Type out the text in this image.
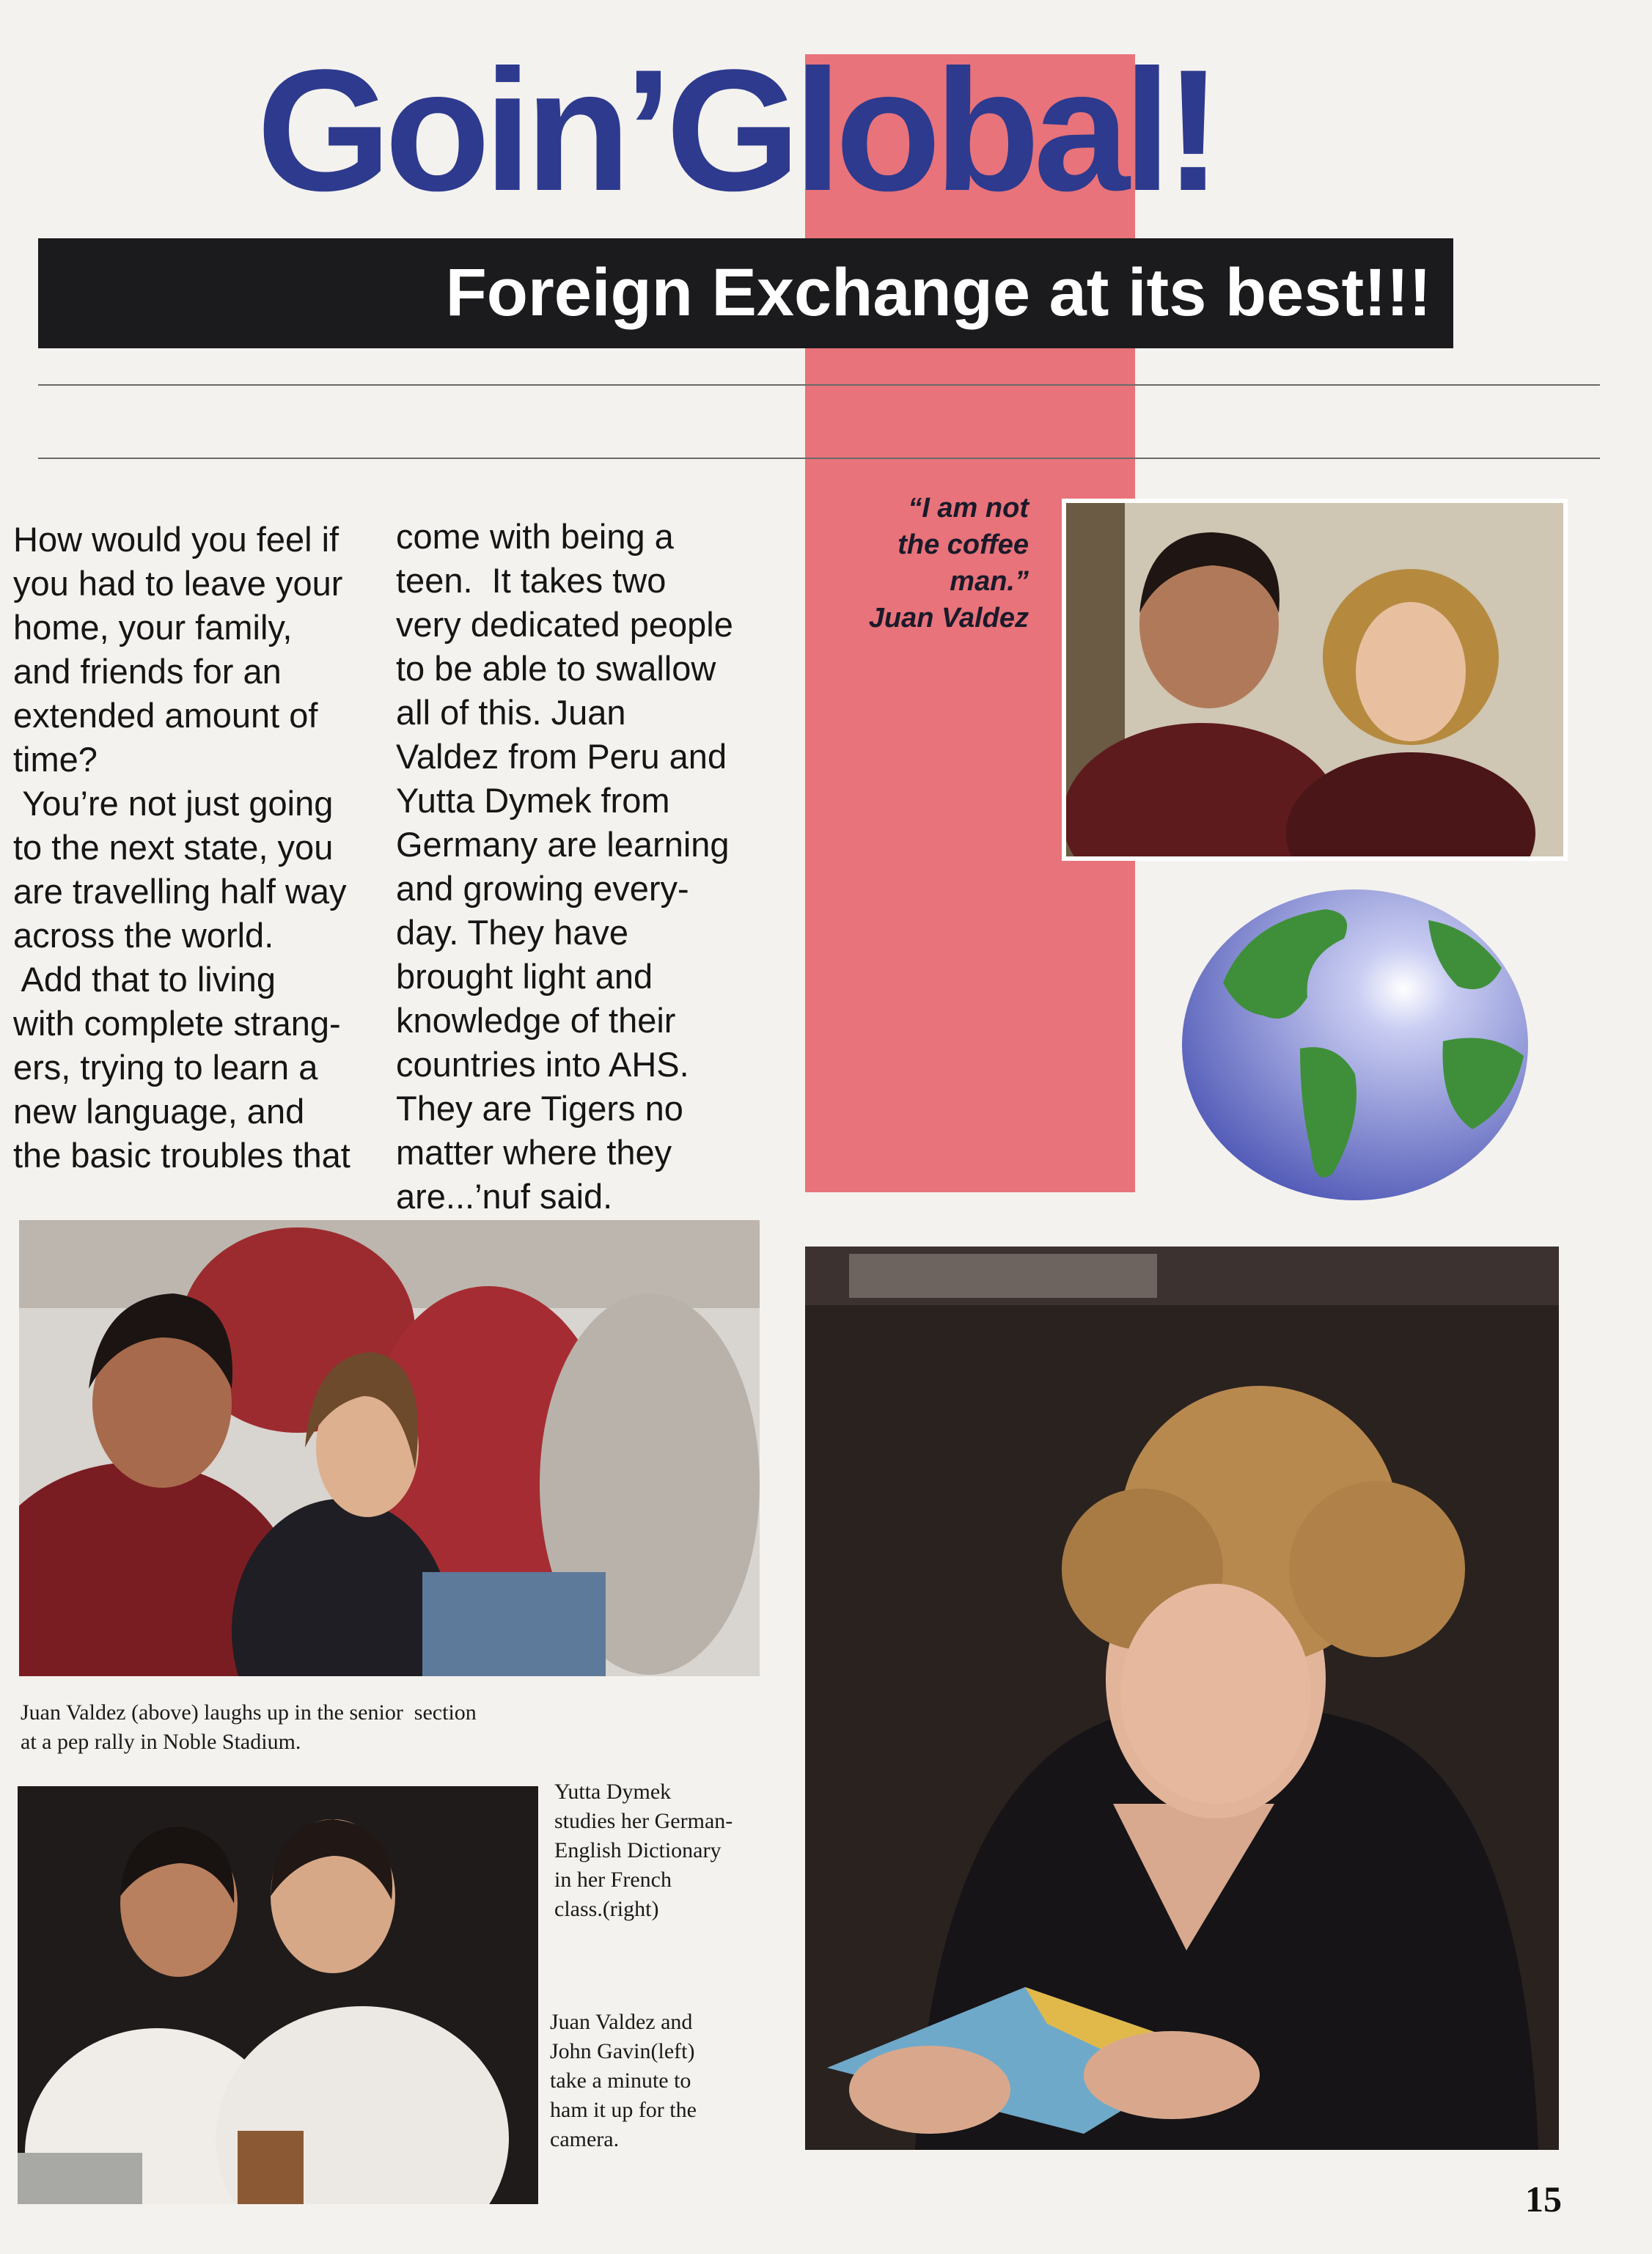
Goin’Global!
Foreign Exchange at its best!!!
How would you feel if
you had to leave your
home, your family,
and friends for an
extended amount of
time?
You’re not just going
to the next state, you
are travelling half way
across the world.
Add that to living
with complete strang-
ers, trying to learn a
new language, and
the basic troubles that
come with being a
teen.  It takes two
very dedicated people
to be able to swallow
all of this. Juan
Valdez from Peru and
Yutta Dymek from
Germany are learning
and growing every-
day. They have
brought light and
knowledge of their
countries into AHS.
They are Tigers no
matter where they
are...’nuf said.
“I am not
the coffee
man.”
Juan Valdez
Juan Valdez (above) laughs up in the senior  section
at a pep rally in Noble Stadium.
Yutta Dymek
studies her German-
English Dictionary
in her French
class.(right)
Juan Valdez and
John Gavin(left)
take a minute to
ham it up for the
camera.
15
